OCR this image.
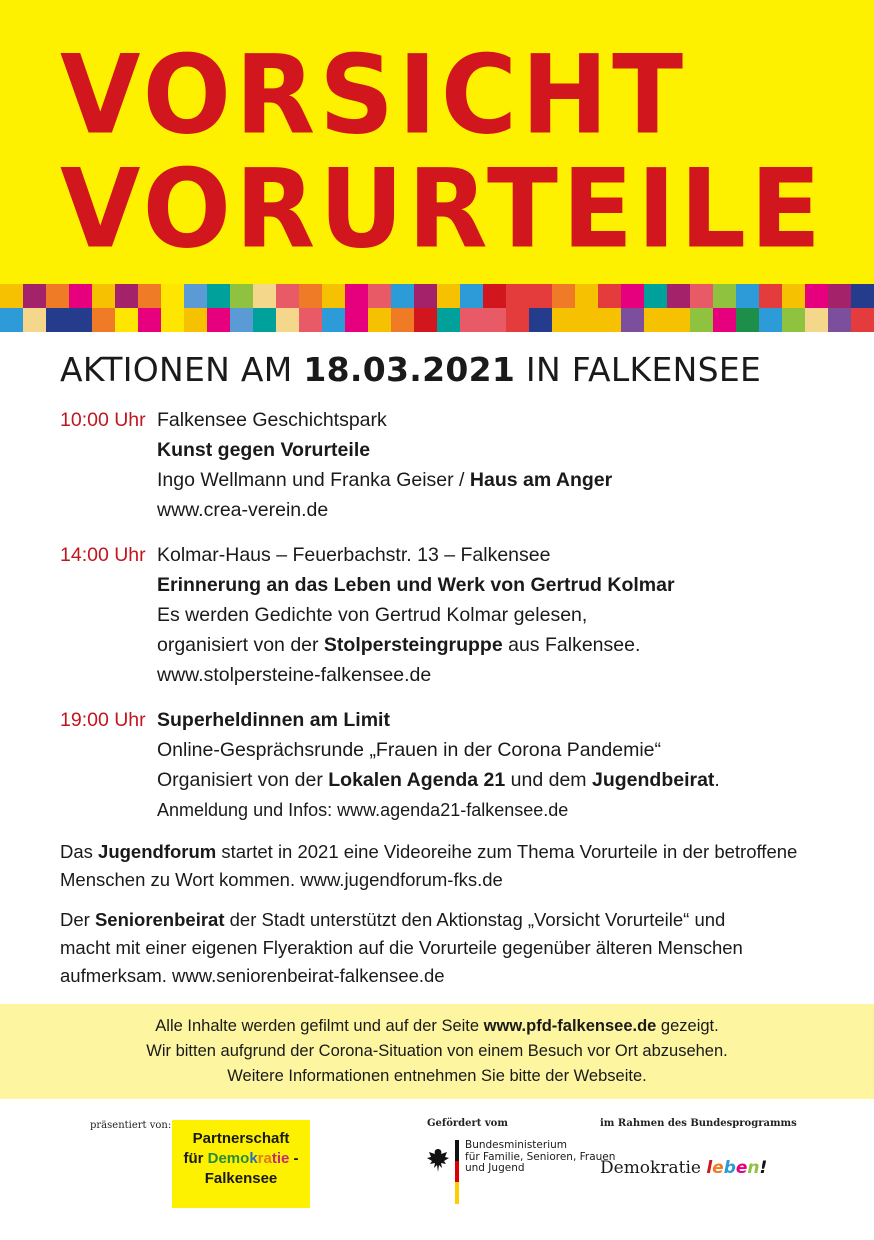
VORSICHT
VORURTEILE
AKTIONEN AM 18.03.2021 IN FALKENSEE
10:00 Uhr Falkensee Geschichtspark
Kunst gegen Vorurteile
Ingo Wellmann und Franka Geiser / Haus am Anger
www.crea-verein.de
14:00 Uhr Kolmar-Haus – Feuerbachstr. 13 – Falkensee
Erinnerung an das Leben und Werk von Gertrud Kolmar
Es werden Gedichte von Gertrud Kolmar gelesen,
organisiert von der Stolpersteingruppe aus Falkensee.
www.stolpersteine-falkensee.de
19:00 Uhr Superheldinnen am Limit
Online-Gesprächsrunde „Frauen in der Corona Pandemie“
Organisiert von der Lokalen Agenda 21 und dem Jugendbeirat.
Anmeldung und Infos: www.agenda21-falkensee.de
Das Jugendforum startet in 2021 eine Videoreihe zum Thema Vorurteile in der betroffene
Menschen zu Wort kommen. www.jugendforum-fks.de
Der Seniorenbeirat der Stadt unterstützt den Aktionstag „Vorsicht Vorurteile“ und
macht mit einer eigenen Flyeraktion auf die Vorurteile gegenüber älteren Menschen
aufmerksam. www.seniorenbeirat-falkensee.de
Alle Inhalte werden gefilmt und auf der Seite www.pfd-falkensee.de gezeigt.
Wir bitten aufgrund der Corona-Situation von einem Besuch vor Ort abzusehen.
Weitere Informationen entnehmen Sie bitte der Webseite.
präsentiert von:
Partnerschaft
für Demokratie -
Falkensee
Gefördert vom
Bundesministerium
für Familie, Senioren, Frauen
und Jugend
im Rahmen des Bundesprogramms
Demokratie leben!
